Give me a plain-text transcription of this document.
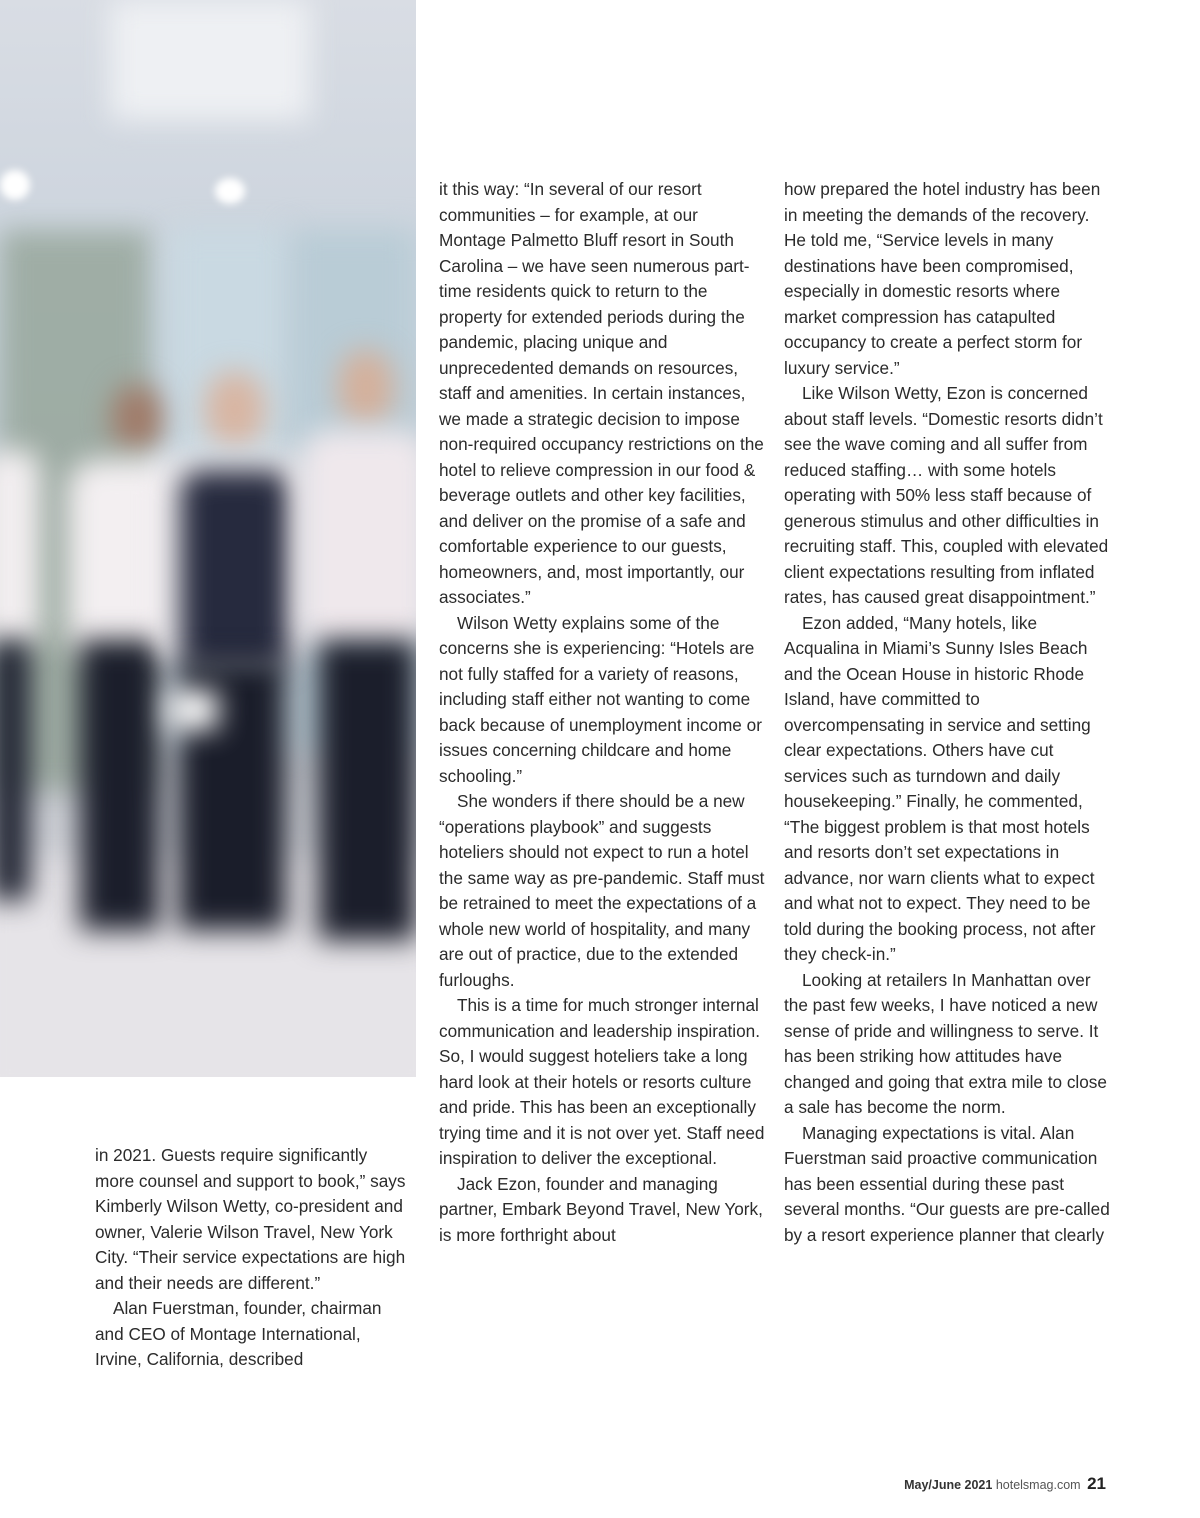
in 2021. Guests require significantly more counsel and support to book,” says Kimberly Wilson Wetty, co-president and owner, Valerie Wilson Travel, New York City. “Their service expectations are high and their needs are different.”

Alan Fuerstman, founder, chairman and CEO of Montage International, Irvine, California, described

it this way: “In several of our resort communities – for example, at our Montage Palmetto Bluff resort in South Carolina – we have seen numerous part-time residents quick to return to the property for extended periods during the pandemic, placing unique and unprecedented demands on resources, staff and amenities. In certain instances, we made a strategic decision to impose non-required occupancy restrictions on the hotel to relieve compression in our food & beverage outlets and other key facilities, and deliver on the promise of a safe and comfortable experience to our guests, homeowners, and, most importantly, our associates.”

Wilson Wetty explains some of the concerns she is experiencing: “Hotels are not fully staffed for a variety of reasons, including staff either not wanting to come back because of unemployment income or issues concerning childcare and home schooling.”

She wonders if there should be a new “operations playbook” and suggests hoteliers should not expect to run a hotel the same way as pre-pandemic. Staff must be retrained to meet the expectations of a whole new world of hospitality, and many are out of practice, due to the extended furloughs.

This is a time for much stronger internal communication and leadership inspiration. So, I would suggest hoteliers take a long hard look at their hotels or resorts culture and pride. This has been an exceptionally trying time and it is not over yet. Staff need inspiration to deliver the exceptional.

Jack Ezon, founder and managing partner, Embark Beyond Travel, New York, is more forthright about

how prepared the hotel industry has been in meeting the demands of the recovery. He told me, “Service levels in many destinations have been compromised, especially in domestic resorts where market compression has catapulted occupancy to create a perfect storm for luxury service.”

Like Wilson Wetty, Ezon is concerned about staff levels. “Domestic resorts didn’t see the wave coming and all suffer from reduced staffing… with some hotels operating with 50% less staff because of generous stimulus and other difficulties in recruiting staff. This, coupled with elevated client expectations resulting from inflated rates, has caused great disappointment.”

Ezon added, “Many hotels, like Acqualina in Miami’s Sunny Isles Beach and the Ocean House in historic Rhode Island, have committed to overcompensating in service and setting clear expectations. Others have cut services such as turndown and daily housekeeping.” Finally, he commented, “The biggest problem is that most hotels and resorts don’t set expectations in advance, nor warn clients what to expect and what not to expect. They need to be told during the booking process, not after they check-in.”

Looking at retailers In Manhattan over the past few weeks, I have noticed a new sense of pride and willingness to serve. It has been striking how attitudes have changed and going that extra mile to close a sale has become the norm.

Managing expectations is vital. Alan Fuerstman said proactive communication has been essential during these past several months. “Our guests are pre-called by a resort experience planner that clearly

May/June 2021 hotelsmag.com 21
